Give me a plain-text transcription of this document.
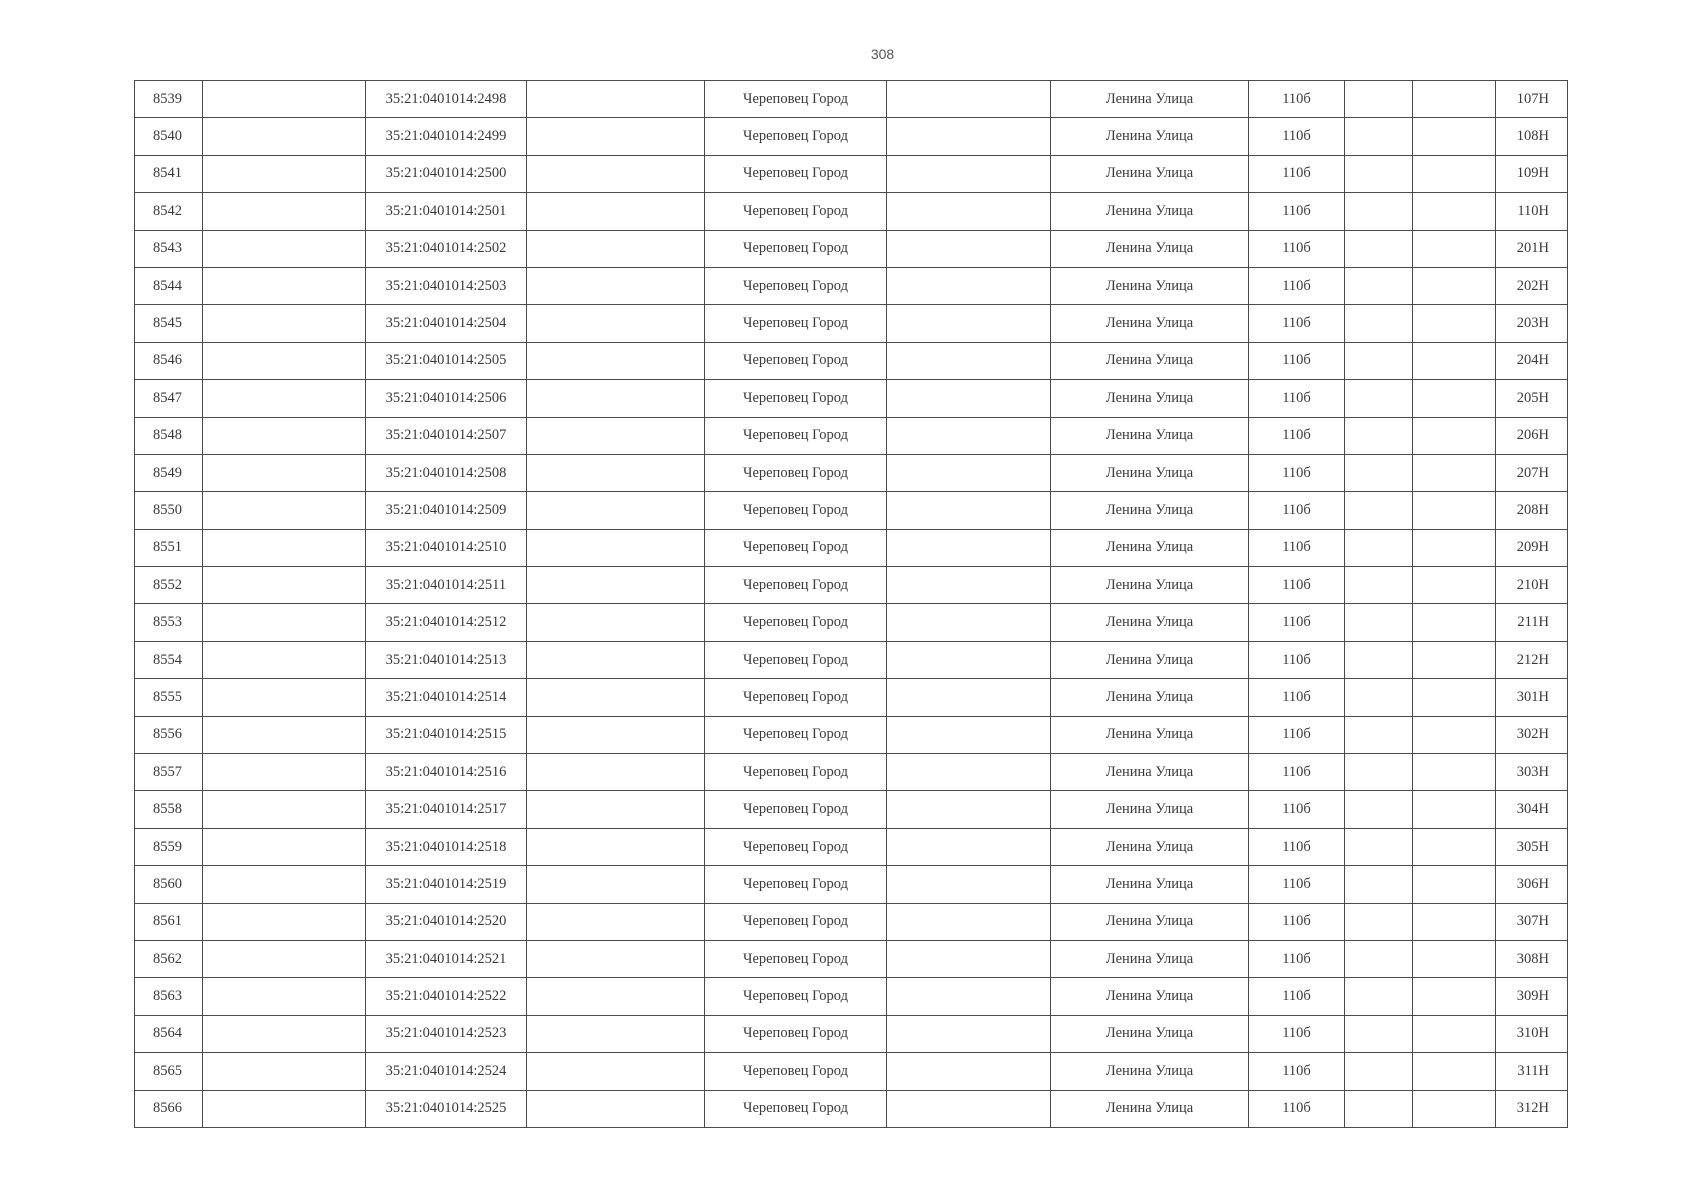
308
8539		35:21:0401014:2498		Череповец Город		Ленина Улица	110б			107Н
8540		35:21:0401014:2499		Череповец Город		Ленина Улица	110б			108Н
8541		35:21:0401014:2500		Череповец Город		Ленина Улица	110б			109Н
8542		35:21:0401014:2501		Череповец Город		Ленина Улица	110б			110Н
8543		35:21:0401014:2502		Череповец Город		Ленина Улица	110б			201Н
8544		35:21:0401014:2503		Череповец Город		Ленина Улица	110б			202Н
8545		35:21:0401014:2504		Череповец Город		Ленина Улица	110б			203Н
8546		35:21:0401014:2505		Череповец Город		Ленина Улица	110б			204Н
8547		35:21:0401014:2506		Череповец Город		Ленина Улица	110б			205Н
8548		35:21:0401014:2507		Череповец Город		Ленина Улица	110б			206Н
8549		35:21:0401014:2508		Череповец Город		Ленина Улица	110б			207Н
8550		35:21:0401014:2509		Череповец Город		Ленина Улица	110б			208Н
8551		35:21:0401014:2510		Череповец Город		Ленина Улица	110б			209Н
8552		35:21:0401014:2511		Череповец Город		Ленина Улица	110б			210Н
8553		35:21:0401014:2512		Череповец Город		Ленина Улица	110б			211Н
8554		35:21:0401014:2513		Череповец Город		Ленина Улица	110б			212Н
8555		35:21:0401014:2514		Череповец Город		Ленина Улица	110б			301Н
8556		35:21:0401014:2515		Череповец Город		Ленина Улица	110б			302Н
8557		35:21:0401014:2516		Череповец Город		Ленина Улица	110б			303Н
8558		35:21:0401014:2517		Череповец Город		Ленина Улица	110б			304Н
8559		35:21:0401014:2518		Череповец Город		Ленина Улица	110б			305Н
8560		35:21:0401014:2519		Череповец Город		Ленина Улица	110б			306Н
8561		35:21:0401014:2520		Череповец Город		Ленина Улица	110б			307Н
8562		35:21:0401014:2521		Череповец Город		Ленина Улица	110б			308Н
8563		35:21:0401014:2522		Череповец Город		Ленина Улица	110б			309Н
8564		35:21:0401014:2523		Череповец Город		Ленина Улица	110б			310Н
8565		35:21:0401014:2524		Череповец Город		Ленина Улица	110б			311Н
8566		35:21:0401014:2525		Череповец Город		Ленина Улица	110б			312Н
